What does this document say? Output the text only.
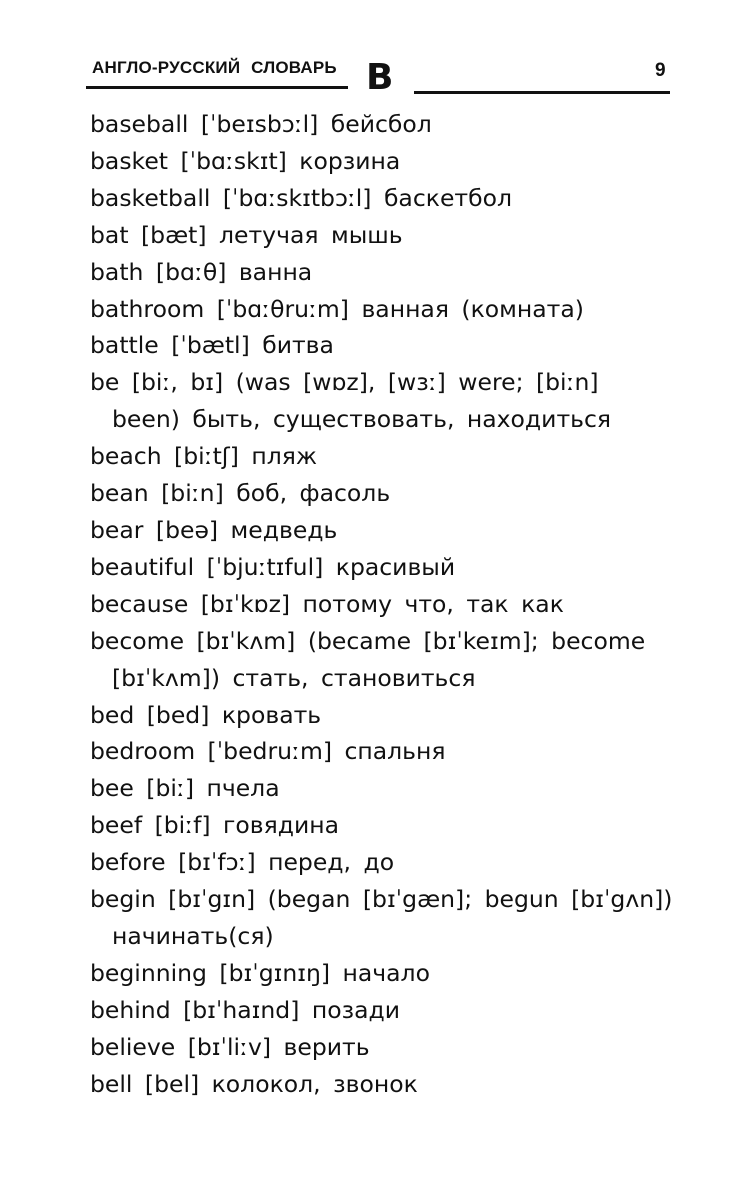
АНГЛО-РУССКИЙ СЛОВАРЬ B	9
baseball [ˈbeɪsbɔːl] бейсбол
basket [ˈbɑːskɪt] корзина
basketball [ˈbɑːskɪtbɔːl] баскетбол
bat [bæt] летучая мышь
bath [bɑːθ] ванна
bathroom [ˈbɑːθruːm] ванная (комната)
battle [ˈbætl] битва
be [biː, bɪ] (was [wɒz], [wɜː] were; [biːn]
been) быть, существовать, находиться
beach [biːtʃ] пляж
bean [biːn] боб, фасоль
bear [beə] медведь
beautiful [ˈbjuːtɪful] красивый
because [bɪˈkɒz] потому что, так как
become [bɪˈkʌm] (became [bɪˈkeɪm]; become
[bɪˈkʌm]) стать, становиться
bed [bed] кровать
bedroom [ˈbedruːm] спальня
bee [biː] пчела
beef [biːf] говядина
before [bɪˈfɔː] перед, до
begin [bɪˈgɪn] (began [bɪˈgæn]; begun [bɪˈgʌn])
начинать(ся)
beginning [bɪˈgɪnɪŋ] начало
behind [bɪˈhaɪnd] позади
believe [bɪˈliːv] верить
bell [bel] колокол, звонок
